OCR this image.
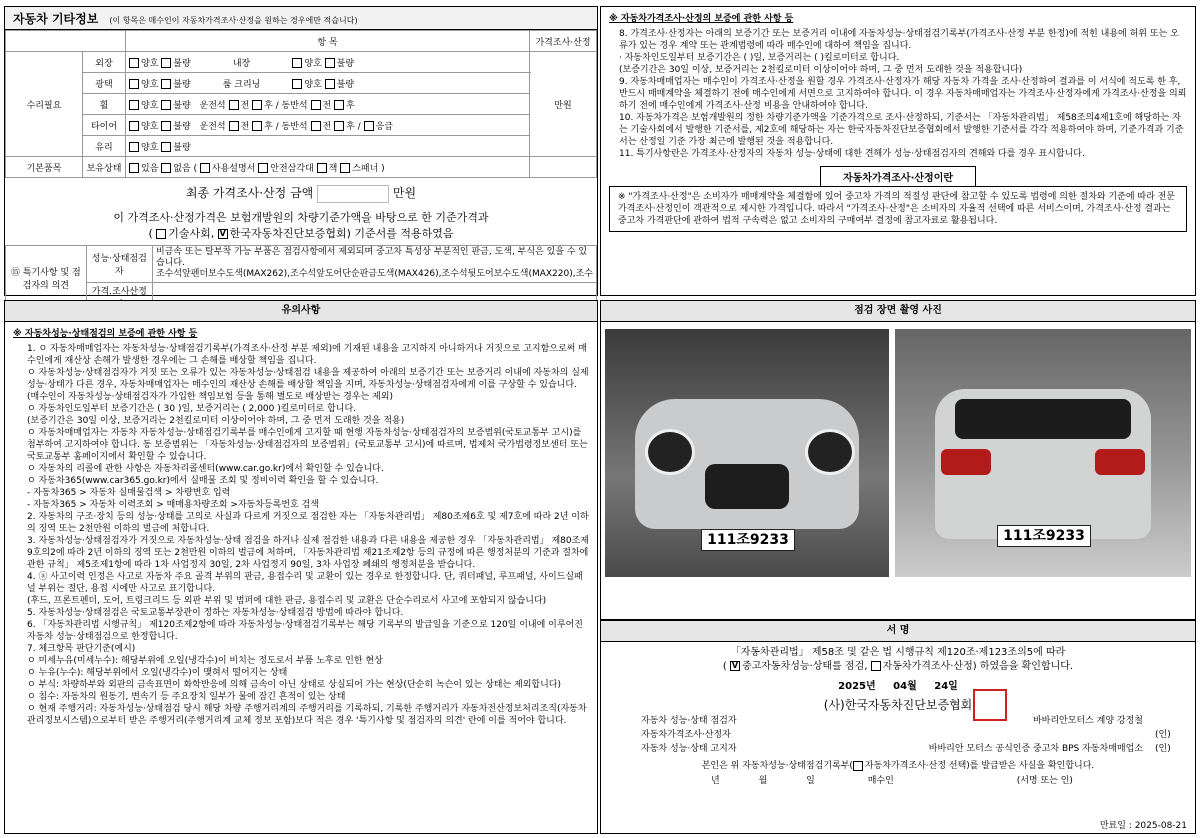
자동차 기타정보 (이 항목은 매수인이 자동차가격조사·산정을 원하는 경우에만 적습니다)
		항 목	가격조사·산정
수리필요	외장	양호 불량 내장 양호 불량	만원
	광택	양호 불량 룸 크리닝 양호 불량	
	휠	양호 불량 운전석 전 후 / 동반석 전 후	
	타이어	양호 불량 운전석 전 후 / 동반석 전 후 / 응급	
	유리	양호 불량	
기본품목	보유상태	있음 없음 ( 사용설명서 안전삼각대 잭 스패너 )	
최종 가격조사·산정 금액	만원
이 가격조사·산정가격은 보험개발원의 차량기준가액을 바탕으로 한 기준가격과
( 기술사회, V 한국자동차진단보증협회) 기준서를 적용하였음
⑮ 특기사항 및 점검자의 의견	성능·상태점검자	비금속 또는 탈부착 가능 부품은 점검사항에서 제외되며 중고차 특성상 부분적인 판금, 도색, 부식은 있을 수 있습니다.
조수석앞펜더보수도색(MAX262),조수석앞도어단순판금도색(MAX426),조수석뒷도어보수도색(MAX220),조수

	가격.조사산정	
※ 자동차가격조사·산정의 보증에 관한 사항 등
8. 가격조사·산정자는 아래의 보증기간 또는 보증거리 이내에 자동차성능·상태점검기록부(가격조사·산정 부분 한정)에 적힌 내용에 허위 또는 오류가 있는 경우 계약 또는 관계법령에 따라 매수인에 대하여 책임을 집니다.
· 자동차인도일부터 보증기간은 ( )일, 보증거리는 ( )킬로미터로 합니다.
(보증기간은 30일 이상, 보증거리는 2천킬로미터 이상이어야 하며, 그 중 먼저 도래한 것을 적용합니다)
9. 자동차매매업자는 매수인이 가격조사·산정을 원할 경우 가격조사·산정자가 해당 자동차 가격을 조사·산정하여 결과를 이 서식에 적도록 한 후, 반드시 매매계약을 체결하기 전에 매수인에게 서면으로 고지하여야 합니다. 이 경우 자동차매매업자는 가격조사·산정자에게 가격조사·산정을 의뢰하기 전에 매수인에게 가격조사·산정 비용을 안내하여야 합니다.
10. 자동차가격은 보험개발원의 정한 차량기준가액을 기준가격으로 조사·산정하되, 기준서는 「자동차관리법」 제58조의4제1호에 해당하는 자는 기술사회에서 발행한 기준서를, 제2호에 해당하는 자는 한국자동차진단보증협회에서 발행한 기준서를 각각 적용하여야 하며, 기준가격과 기준서는 산정일 기준 가장 최근에 발행된 것을 적용합니다.
11. 특기사항란은 가격조사·산정자의 자동차 성능·상태에 대한 견해가 성능·상태점검자의 견해와 다를 경우 표시합니다.
자동차가격조사·산정이란
※ "가격조사·산정"은 소비자가 매매계약을 체결함에 있어 중고차 가격의 적절성 판단에 참고할 수 있도록 법령에 의한 절차와 기준에 따라 전문 가격조사·산정인이 객관적으로 제시한 가격입니다. 따라서 "가격조사·산정"은 소비자의 자율적 선택에 따른 서비스이며, 가격조사·산정 결과는 중고차 가격판단에 관하여 법적 구속력은 없고 소비자의 구매여부 결정에 참고자료로 활용됩니다.
유의사항
※ 자동차성능·상태점검의 보증에 관한 사항 등
1. ㅇ 자동차매매업자는 자동차성능·상태점검기록부(가격조사·산정 부분 제외)에 기재된 내용을 고지하지 아니하거나 거짓으로 고지함으로써 매수인에게 재산상 손해가 발생한 경우에는 그 손해를 배상할 책임을 집니다.
ㅇ 자동차성능·상태점검자가 거짓 또는 오류가 있는 자동차성능·상태점검 내용을 제공하여 아래의 보증기간 또는 보증거리 이내에 자동차의 실제 성능·상태가 다른 경우, 자동차매매업자는 매수인의 재산상 손해를 배상할 책임을 지며, 자동차성능·상태점검자에게 이를 구상할 수 있습니다.(매수인이 자동차성능·상태점검자가 가입한 책임보험 등을 통해 별도로 배상받는 경우는 제외)
ㅇ 자동차인도일부터 보증기간은 ( 30 )일, 보증거리는 ( 2,000 )킬로미터로 합니다.
(보증기간은 30일 이상, 보증거리는 2천킬로미터 이상이어야 하며, 그 중 먼저 도래한 것을 적용)
ㅇ 자동차매매업자는 자동차 자동차성능·상태점검기록부를 매수인에게 고지할 때 현행 자동차성능·상태점검자의 보증범위(국토교통부 고시)를 첨부하여 고지하여야 합니다. 동 보증범위는 「자동차성능·상태점검자의 보증범위」(국토교통부 고시)에 따르며, 법제처 국가법령정보센터 또는 국토교통부 홈페이지에서 확인할 수 있습니다.
ㅇ 자동차의 리콜에 관한 사항은 자동차리콜센터(www.car.go.kr)에서 확인할 수 있습니다.
ㅇ 자동차365(www.car365.go.kr)에서 실매물 조회 및 정비이력 확인을 할 수 있습니다.
- 자동차365 > 자동차 실매물검색 > 차량번호 입력
- 자동차365 > 자동차 이력조회 > 매매용차량조회 >자동차등록번호 검색
2. 자동차의 구조·장치 등의 성능·상태를 고의로 사실과 다르게 거짓으로 점검한 자는 「자동차관리법」 제80조제6호 및 제7호에 따라 2년 이하의 징역 또는 2천만원 이하의 벌금에 처합니다.
3. 자동차성능·상태점검자가 거짓으로 자동차성능·상태 점검을 하거나 실제 점검한 내용과 다른 내용을 제공한 경우 「자동차관리법」 제80조제9호의2에 따라 2년 이하의 징역 또는 2천만원 이하의 벌금에 처하며, 「자동차관리법 제21조제2항 등의 규정에 따른 행정처분의 기준과 절차에 관한 규칙」 제5조제1항에 따라 1차 사업정지 30일, 2차 사업정지 90일, 3차 사업장 폐쇄의 행정처분을 받습니다.
4. ⓐ 사고이력 인정은 사고로 자동차 주요 골격 부위의 판금, 용접수리 및 교환이 있는 경우로 한정합니다. 단, 쿼터패널, 루프패널, 사이드실패널 부위는 절단, 용접 시에만 사고로 표기합니다.
(후드, 프론트펜더, 도어, 트렁크리드 등 외판 부위 및 범퍼에 대한 판금, 용접수리 및 교환은 단순수리로서 사고에 포함되지 않습니다)
5. 자동차성능·상태점검은 국토교통부장관이 정하는 자동차성능·상태점검 방법에 따라야 합니다.
6. 「자동차관리법 시행규칙」 제120조제2항에 따라 자동차성능·상태점검기록부는 해당 기록부의 발급일을 기준으로 120일 이내에 이루어진 자동차 성능·상태점검으로 한정합니다.
7. 체크항목 판단기준(예시)
ㅇ 미세누유(미세누수): 해당부위에 오일(냉각수)이 비치는 정도로서 부품 노후로 인한 현상
ㅇ 누유(누수): 해당부위에서 오일(냉각수)이 맺혀서 떨어지는 상태
ㅇ 부식: 차량하부와 외판의 금속표면이 화학반응에 의해 금속이 아닌 상태로 상실되어 가는 현상(단순히 녹슨이 있는 상태는 제외합니다)
ㅇ 침수: 자동차의 원동기, 변속기 등 주요장치 일부가 물에 잠긴 흔적이 있는 상태
ㅇ 현재 주행거리: 자동차성능·상태점검 당시 해당 차량 주행거리계의 주행거리를 기록하되, 기록한 주행거리가 자동차전산정보처리조직(자동차관리정보시스템)으로부터 받은 주행거리(주행거리계 교체 정보 포함)보다 적은 경우 '특기사항 및 점검자의 의견' 란에 이를 적어야 합니다.
점검 장면 촬영 사진
111조9233	111조9233
서 명
「자동차관리법」 제58조 및 같은 법 시행규칙 제120조·제123조의5에 따라
( V 중고자동차성능·상태를 점검, 자동차가격조사·산정) 하였음을 확인합니다.
2025년 04월 24일
(사)한국자동차진단보증협회
자동차 성능·상태 점검자	바바리안모터스 계양 강정철
자동차가격조사·산정자	(인)
자동차 성능·상태 고지자	바바리안 모터스 공식인증 중고차 BPS 자동차매매업소	(인)
본인은 위 자동차성능·상태점검기록부( 자동차가격조사·산정 선택)를 발급받은 사실을 확인합니다.
년	월	일	매수인	(서명 또는 인)
만료일 : 2025-08-21
